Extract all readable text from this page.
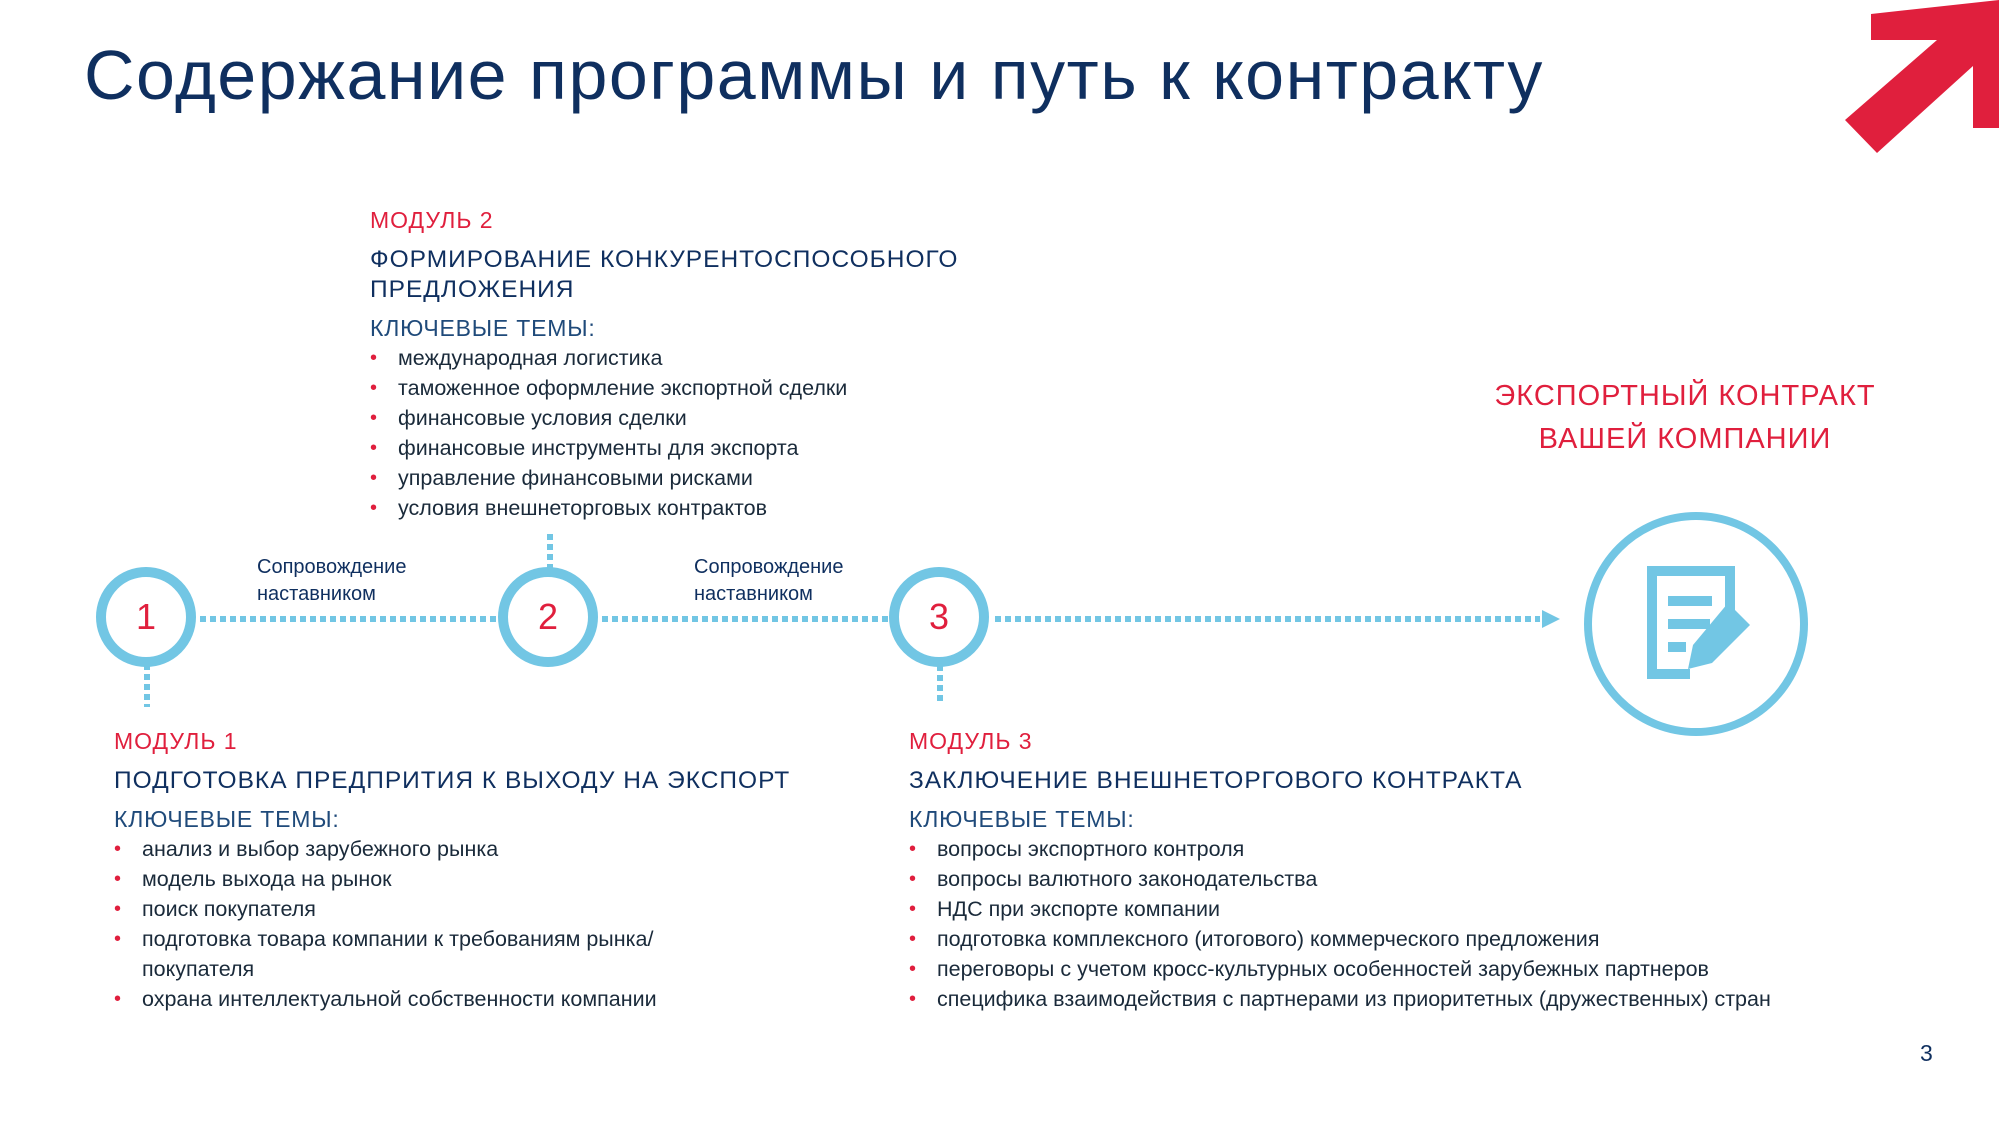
Содержание программы и путь к контракту
1	2	3
Сопровождение
наставником
Сопровождение
наставником
ЭКСПОРТНЫЙ КОНТРАКТ
ВАШЕЙ КОМПАНИИ
МОДУЛЬ 2
ФОРМИРОВАНИЕ КОНКУРЕНТОСПОСОБНОГО ПРЕДЛОЖЕНИЯ
КЛЮЧЕВЫЕ ТЕМЫ:
• международная логистика
• таможенное оформление экспортной сделки
• финансовые условия сделки
• финансовые инструменты для экспорта
• управление финансовыми рисками
• условия внешнеторговых контрактов
МОДУЛЬ 1
ПОДГОТОВКА ПРЕДПРИТИЯ К ВЫХОДУ НА ЭКСПОРТ
КЛЮЧЕВЫЕ ТЕМЫ:
• анализ и выбор зарубежного рынка
• модель выхода на рынок
• поиск покупателя
• подготовка товара компании к требованиям рынка/покупателя
• охрана интеллектуальной собственности компании
МОДУЛЬ 3
ЗАКЛЮЧЕНИЕ ВНЕШНЕТОРГОВОГО КОНТРАКТА
КЛЮЧЕВЫЕ ТЕМЫ:
• вопросы экспортного контроля
• вопросы валютного законодательства
• НДС при экспорте компании
• подготовка комплексного (итогового) коммерческого предложения
• переговоры с учетом кросс-культурных особенностей зарубежных партнеров
• специфика взаимодействия с партнерами из приоритетных (дружественных) стран
3
